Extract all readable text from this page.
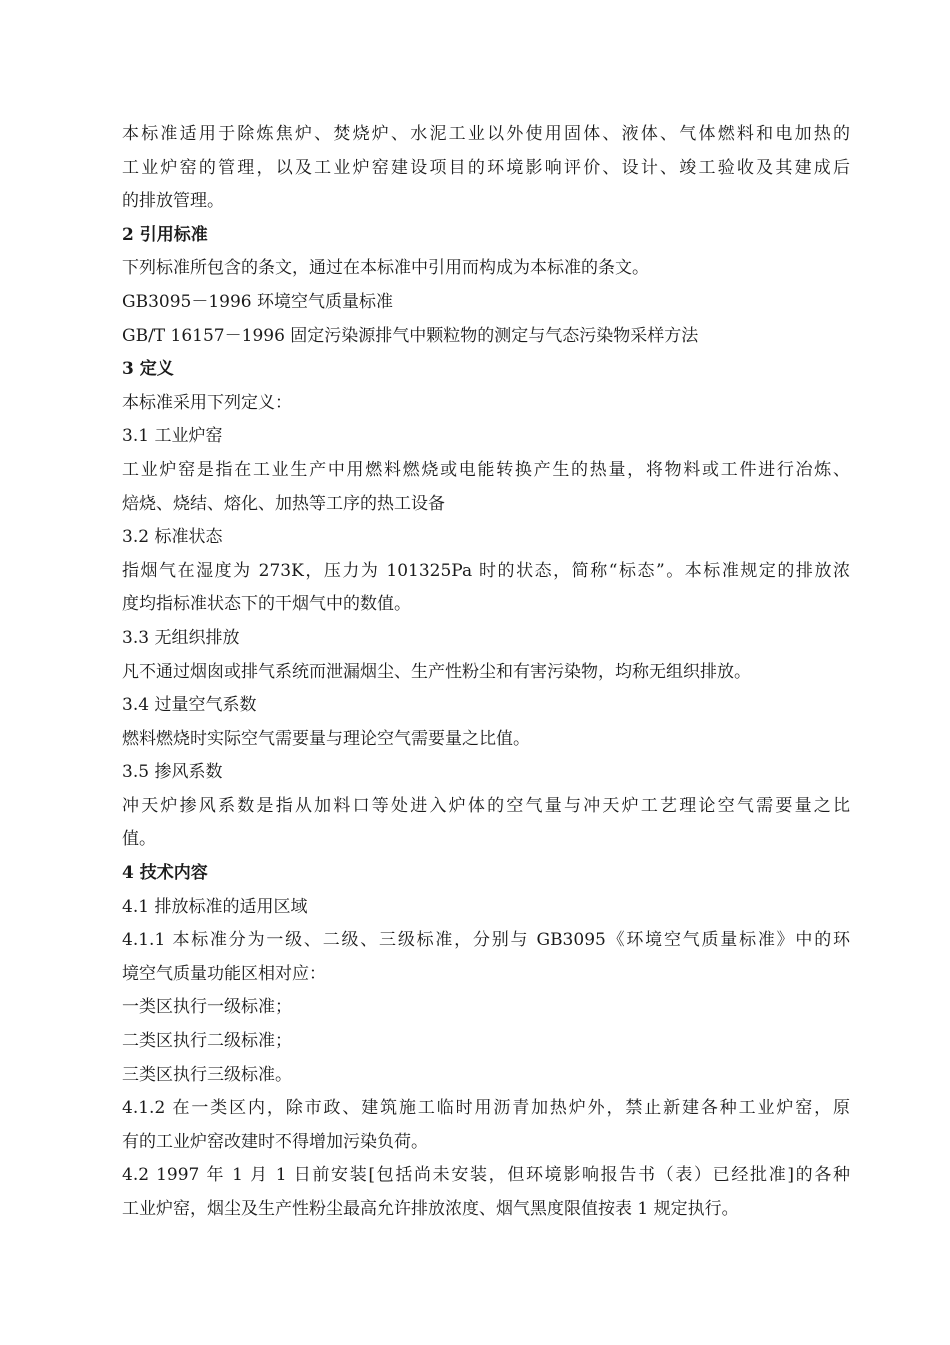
本标准适用于除炼焦炉、焚烧炉、水泥工业以外使用固体、液体、气体燃料和电加热的
工业炉窑的管理，以及工业炉窑建设项目的环境影响评价、设计、竣工验收及其建成后
的排放管理。
2 引用标准
下列标准所包含的条文，通过在本标准中引用而构成为本标准的条文。
GB3095－1996 环境空气质量标准
GB/T 16157－1996 固定污染源排气中颗粒物的测定与气态污染物采样方法
3 定义
本标准采用下列定义：
3.1 工业炉窑
工业炉窑是指在工业生产中用燃料燃烧或电能转换产生的热量，将物料或工件进行冶炼、
焙烧、烧结、熔化、加热等工序的热工设备
3.2 标准状态
指烟气在湿度为 273K，压力为 101325Pa 时的状态，简称“标态”。本标准规定的排放浓
度均指标准状态下的干烟气中的数值。
3.3 无组织排放
凡不通过烟囱或排气系统而泄漏烟尘、生产性粉尘和有害污染物，均称无组织排放。
3.4 过量空气系数
燃料燃烧时实际空气需要量与理论空气需要量之比值。
3.5 掺风系数
冲天炉掺风系数是指从加料口等处进入炉体的空气量与冲天炉工艺理论空气需要量之比
值。
4 技术内容
4.1 排放标准的适用区域
4.1.1 本标准分为一级、二级、三级标准，分别与 GB3095《环境空气质量标准》中的环
境空气质量功能区相对应：
一类区执行一级标准；
二类区执行二级标准；
三类区执行三级标准。
4.1.2 在一类区内，除市政、建筑施工临时用沥青加热炉外，禁止新建各种工业炉窑，原
有的工业炉窑改建时不得增加污染负荷。
4.2 1997 年 1 月 1 日前安装[包括尚未安装，但环境影响报告书（表）已经批准]的各种
工业炉窑，烟尘及生产性粉尘最高允许排放浓度、烟气黑度限值按表 1 规定执行。
